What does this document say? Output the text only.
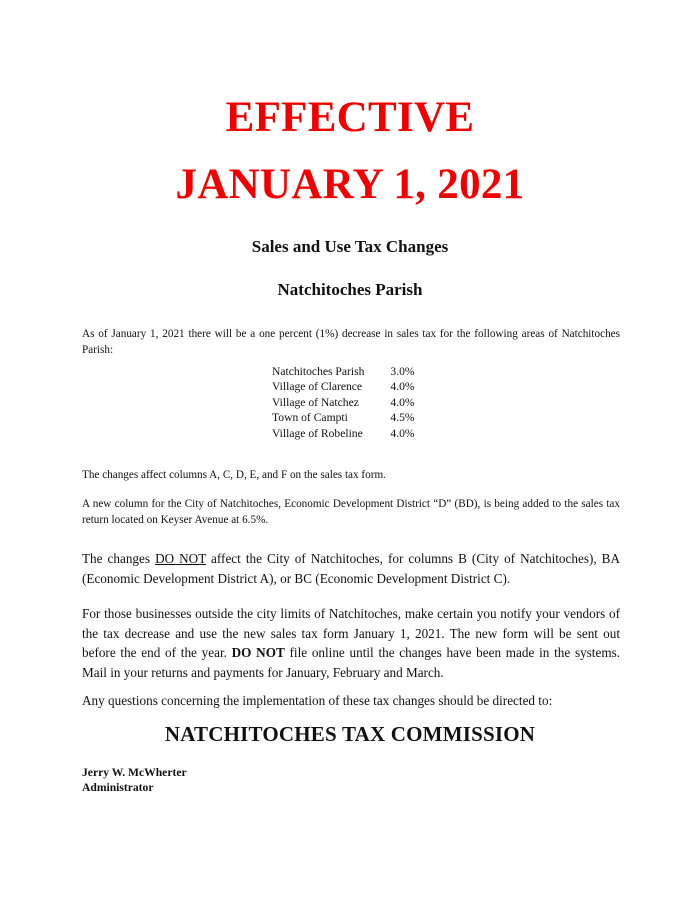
EFFECTIVE
JANUARY 1, 2021
Sales and Use Tax Changes
Natchitoches Parish

As of January 1, 2021 there will be a one percent (1%) decrease in sales tax for the following areas of Natchitoches Parish:

Natchitoches Parish	3.0%
Village of Clarence	4.0%
Village of Natchez	4.0%
Town of Campti	4.5%
Village of Robeline	4.0%

The changes affect columns A, C, D, E, and F on the sales tax form.

A new column for the City of Natchitoches, Economic Development District “D” (BD), is being added to the sales tax return located on Keyser Avenue at 6.5%.

The changes DO NOT affect the City of Natchitoches, for columns B (City of Natchitoches), BA (Economic Development District A), or BC (Economic Development District C).

For those businesses outside the city limits of Natchitoches, make certain you notify your vendors of the tax decrease and use the new sales tax form January 1, 2021. The new form will be sent out before the end of the year. DO NOT file online until the changes have been made in the systems. Mail in your returns and payments for January, February and March.

Any questions concerning the implementation of these tax changes should be directed to:

NATCHITOCHES TAX COMMISSION
Jerry W. McWherter
Administrator
